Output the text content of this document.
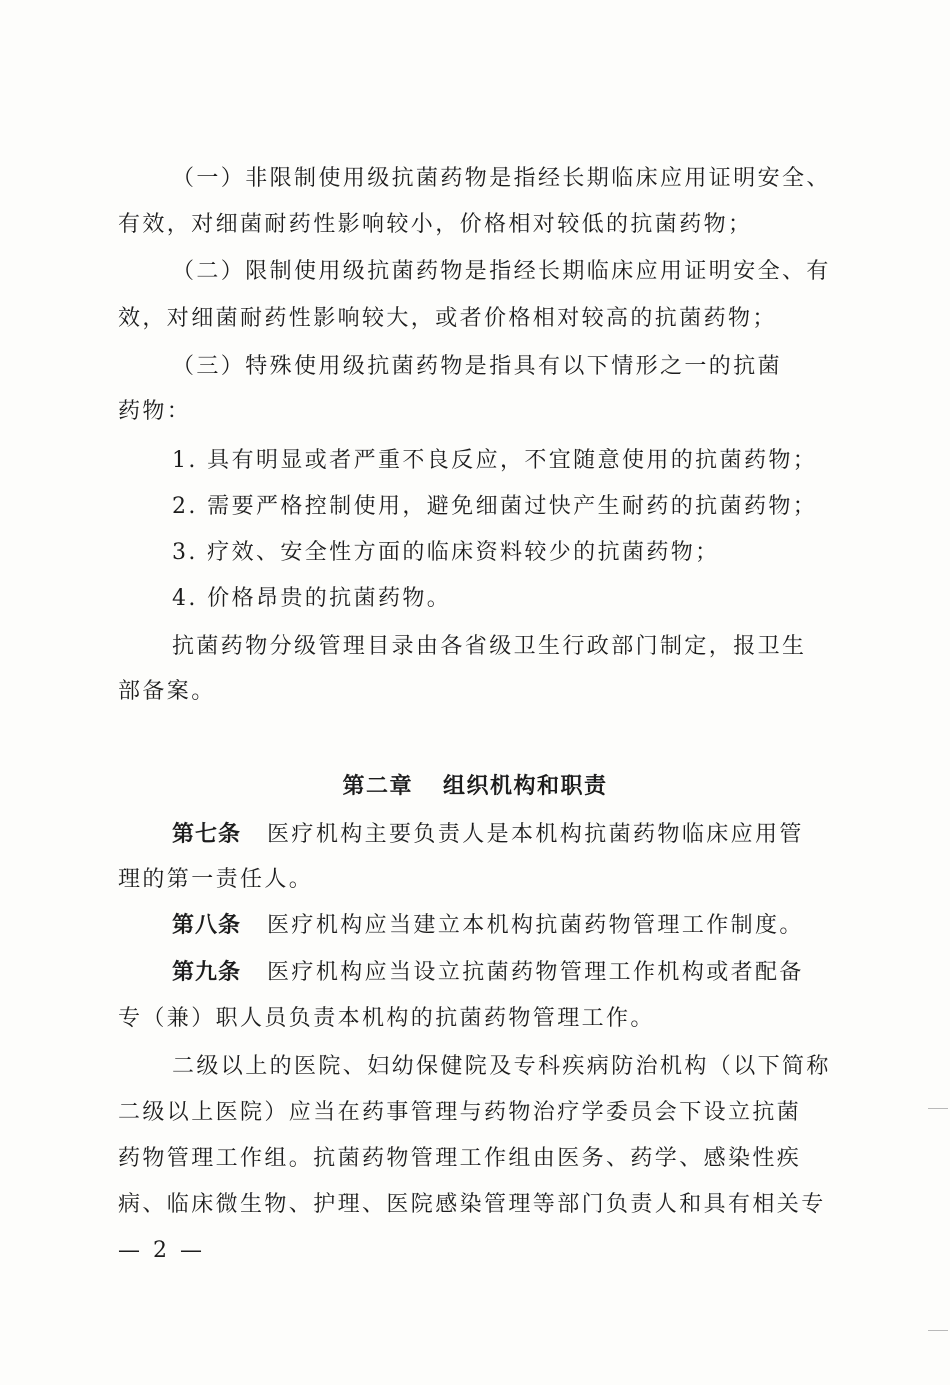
（一）非限制使用级抗菌药物是指经长期临床应用证明安全、
有效，对细菌耐药性影响较小，价格相对较低的抗菌药物；
（二）限制使用级抗菌药物是指经长期临床应用证明安全、有
效，对细菌耐药性影响较大，或者价格相对较高的抗菌药物；
（三）特殊使用级抗菌药物是指具有以下情形之一的抗菌
药物：
1. 具有明显或者严重不良反应，不宜随意使用的抗菌药物；
2. 需要严格控制使用，避免细菌过快产生耐药的抗菌药物；
3. 疗效、安全性方面的临床资料较少的抗菌药物；
4. 价格昂贵的抗菌药物。
抗菌药物分级管理目录由各省级卫生行政部门制定，报卫生
部备案。
第二章 组织机构和职责
第七条 医疗机构主要负责人是本机构抗菌药物临床应用管
理的第一责任人。
第八条 医疗机构应当建立本机构抗菌药物管理工作制度。
第九条 医疗机构应当设立抗菌药物管理工作机构或者配备
专（兼）职人员负责本机构的抗菌药物管理工作。
二级以上的医院、妇幼保健院及专科疾病防治机构（以下简称
二级以上医院）应当在药事管理与药物治疗学委员会下设立抗菌
药物管理工作组。抗菌药物管理工作组由医务、药学、感染性疾
病、临床微生物、护理、医院感染管理等部门负责人和具有相关专
— 2 —
